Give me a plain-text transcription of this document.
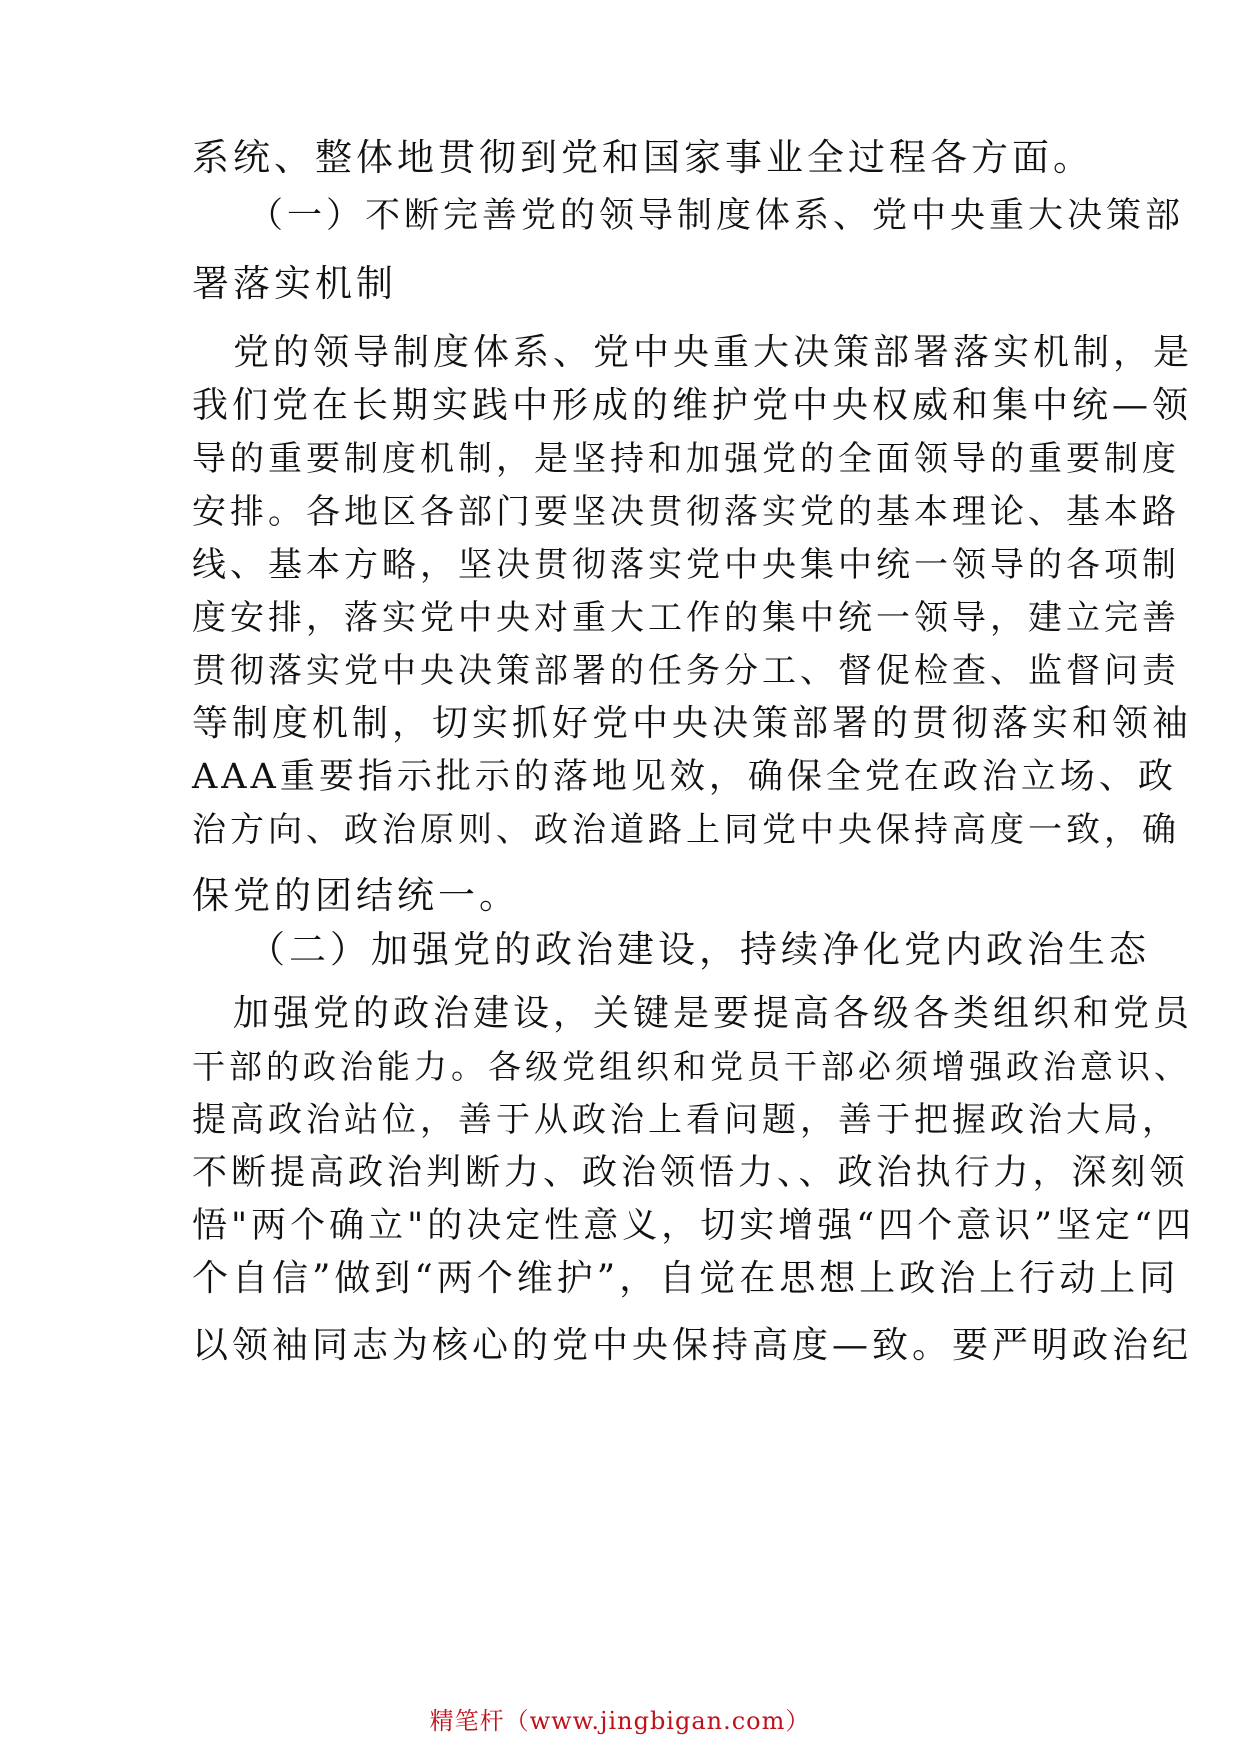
系统、整体地贯彻到党和国家事业全过程各方面。
（一）不断完善党的领导制度体系、党中央重大决策部
署落实机制
党的领导制度体系、党中央重大决策部署落实机制，是
我们党在长期实践中形成的维护党中央权威和集中统—领
导的重要制度机制，是坚持和加强党的全面领导的重要制度
安排。各地区各部门要坚决贯彻落实党的基本理论、基本路
线、基本方略，坚决贯彻落实党中央集中统一领导的各项制
度安排，落实党中央对重大工作的集中统一领导，建立完善
贯彻落实党中央决策部署的任务分工、督促检查、监督问责
等制度机制，切实抓好党中央决策部署的贯彻落实和领袖
AAA重要指示批示的落地见效，确保全党在政治立场、政
治方向、政治原则、政治道路上同党中央保持高度一致，确
保党的团结统一。
（二）加强党的政治建设，持续净化党内政治生态
加强党的政治建设，关键是要提高各级各类组织和党员
干部的政治能力。各级党组织和党员干部必须增强政治意识、
提高政治站位，善于从政治上看问题，善于把握政治大局，
不断提高政治判断力、政治领悟力、、政治执行力，深刻领
悟"两个确立"的决定性意义，切实增强“四个意识”坚定“四
个自信”做到“两个维护”，自觉在思想上政治上行动上同
以领袖同志为核心的党中央保持高度—致。要严明政治纪
精笔杆（www.jingbigan.com）
